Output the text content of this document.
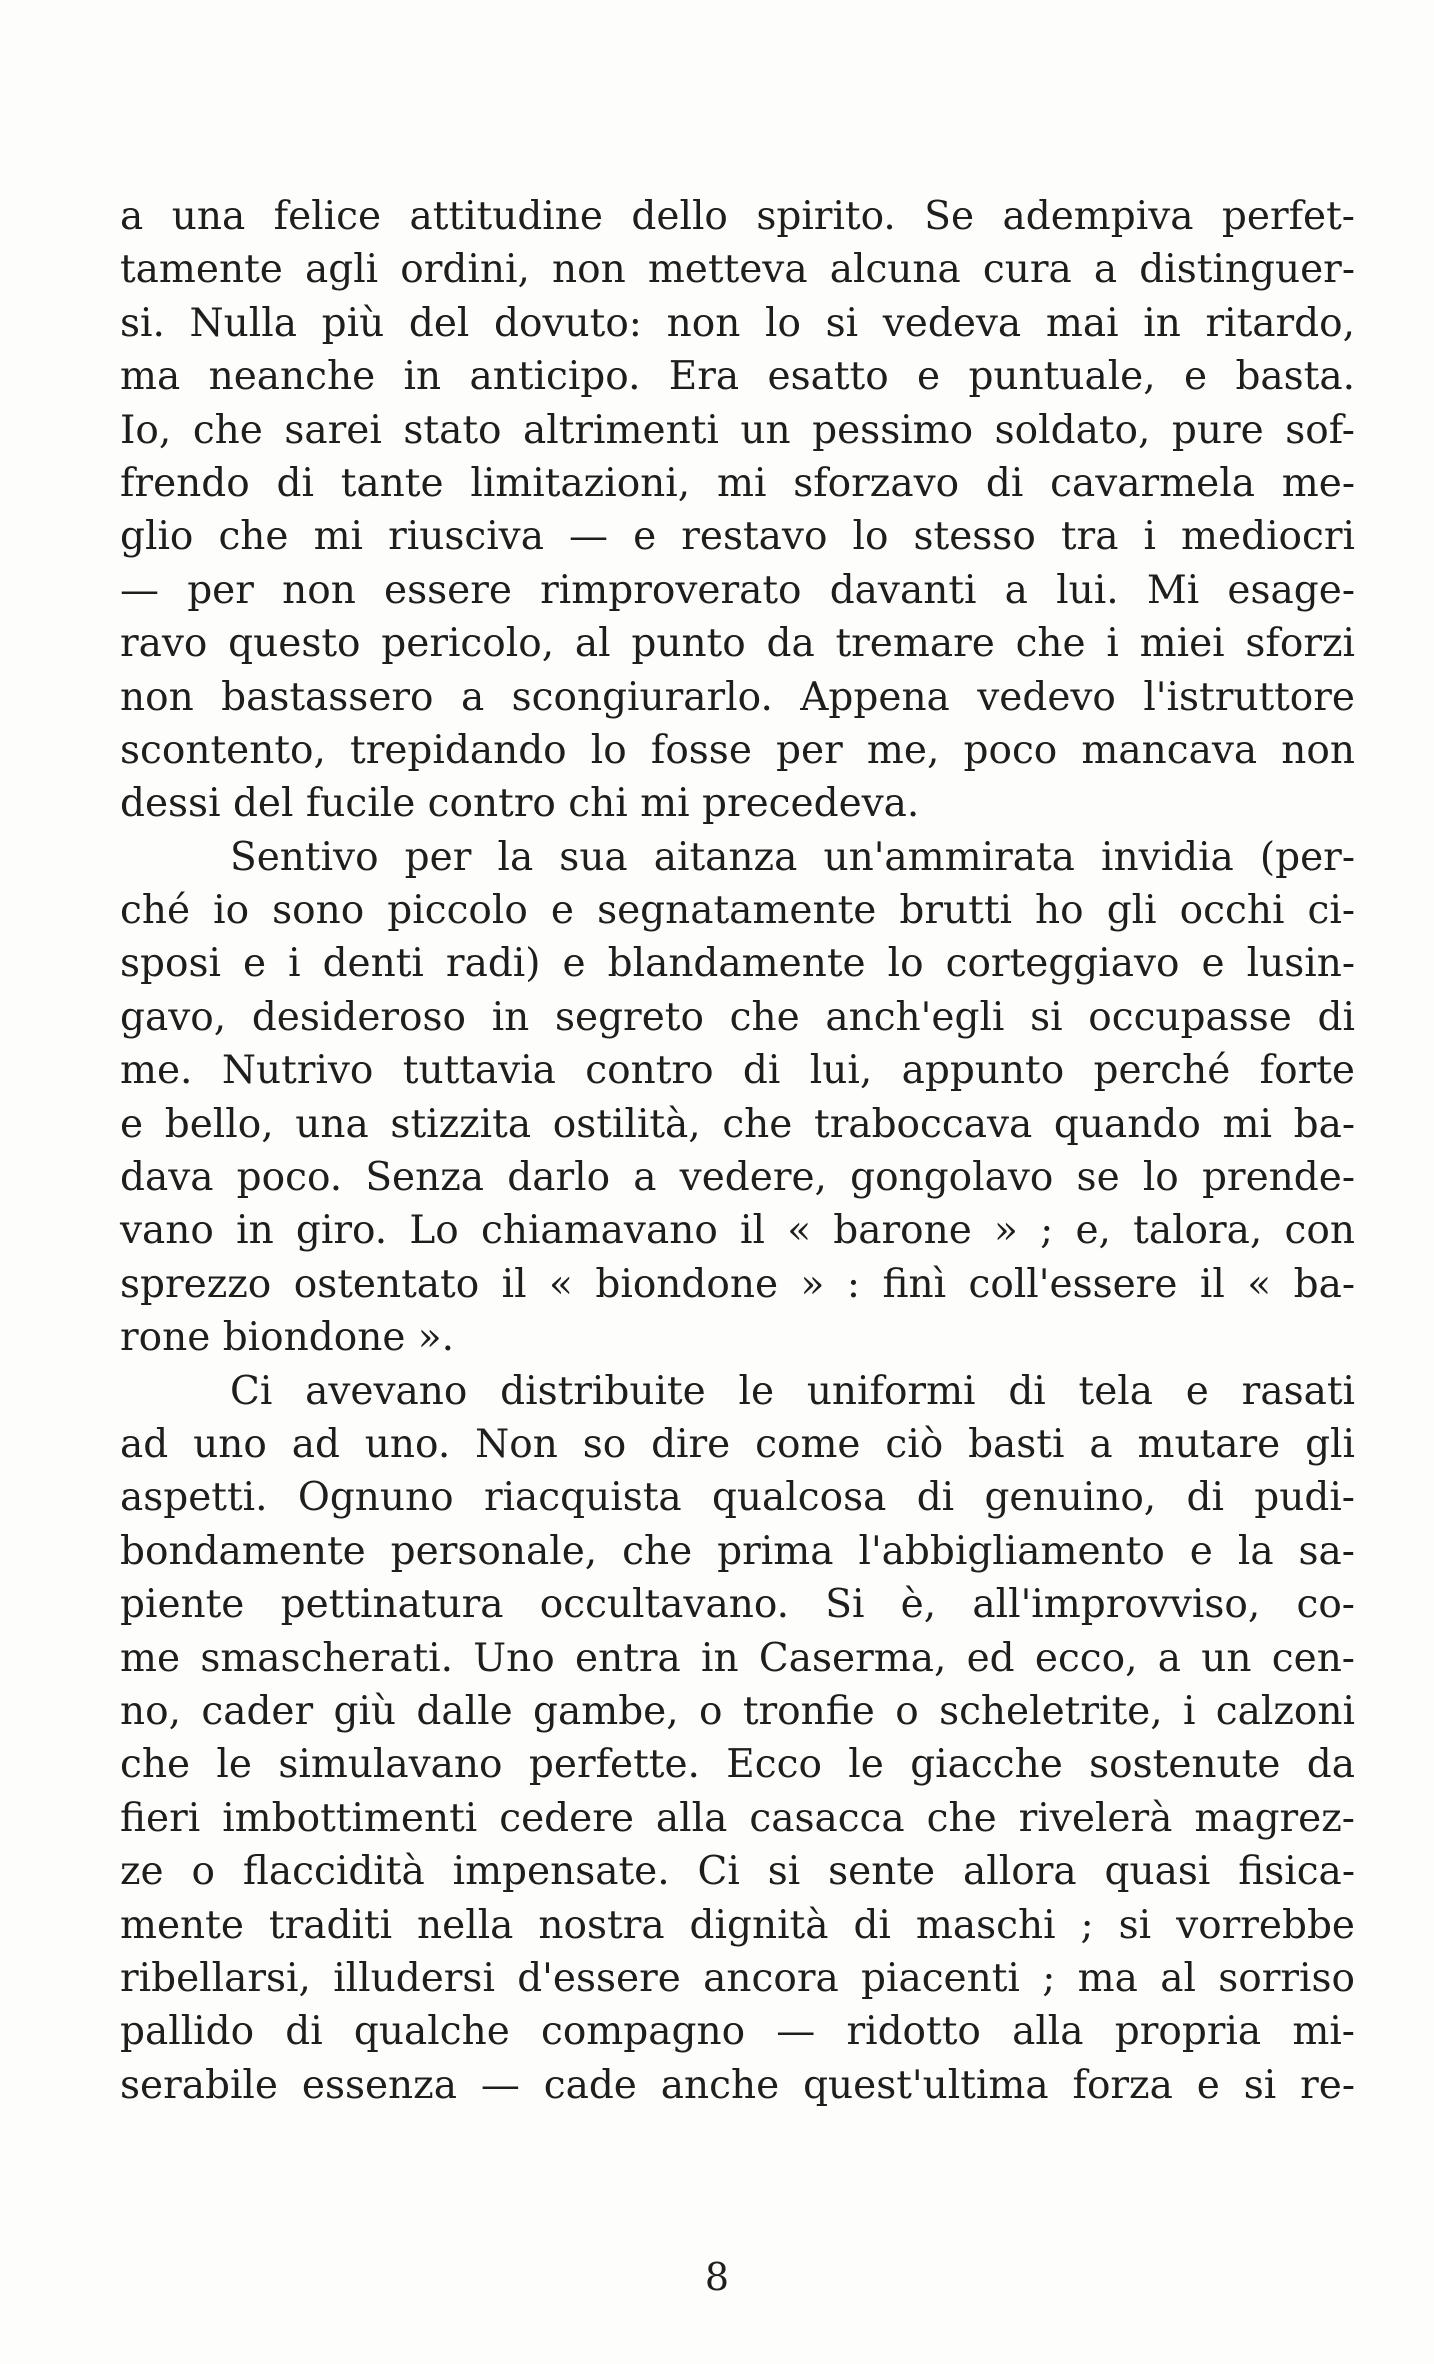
a una felice attitudine dello spirito. Se adempiva perfet-
tamente agli ordini, non metteva alcuna cura a distinguer-
si. Nulla più del dovuto: non lo si vedeva mai in ritardo,
ma neanche in anticipo. Era esatto e puntuale, e basta.
Io, che sarei stato altrimenti un pessimo soldato, pure sof-
frendo di tante limitazioni, mi sforzavo di cavarmela me-
glio che mi riusciva — e restavo lo stesso tra i mediocri
— per non essere rimproverato davanti a lui. Mi esage-
ravo questo pericolo, al punto da tremare che i miei sforzi
non bastassero a scongiurarlo. Appena vedevo l'istruttore
scontento, trepidando lo fosse per me, poco mancava non
dessi del fucile contro chi mi precedeva.
Sentivo per la sua aitanza un'ammirata invidia (per-
ché io sono piccolo e segnatamente brutti ho gli occhi ci-
sposi e i denti radi) e blandamente lo corteggiavo e lusin-
gavo, desideroso in segreto che anch'egli si occupasse di
me. Nutrivo tuttavia contro di lui, appunto perché forte
e bello, una stizzita ostilità, che traboccava quando mi ba-
dava poco. Senza darlo a vedere, gongolavo se lo prende-
vano in giro. Lo chiamavano il « barone » ; e, talora, con
sprezzo ostentato il « biondone » : finì coll'essere il « ba-
rone biondone ».
Ci avevano distribuite le uniformi di tela e rasati
ad uno ad uno. Non so dire come ciò basti a mutare gli
aspetti. Ognuno riacquista qualcosa di genuino, di pudi-
bondamente personale, che prima l'abbigliamento e la sa-
piente pettinatura occultavano. Si è, all'improvviso, co-
me smascherati. Uno entra in Caserma, ed ecco, a un cen-
no, cader giù dalle gambe, o tronfie o scheletrite, i calzoni
che le simulavano perfette. Ecco le giacche sostenute da
fieri imbottimenti cedere alla casacca che rivelerà magrez-
ze o flaccidità impensate. Ci si sente allora quasi fisica-
mente traditi nella nostra dignità di maschi ; si vorrebbe
ribellarsi, illudersi d'essere ancora piacenti ; ma al sorriso
pallido di qualche compagno — ridotto alla propria mi-
serabile essenza — cade anche quest'ultima forza e si re-
8
